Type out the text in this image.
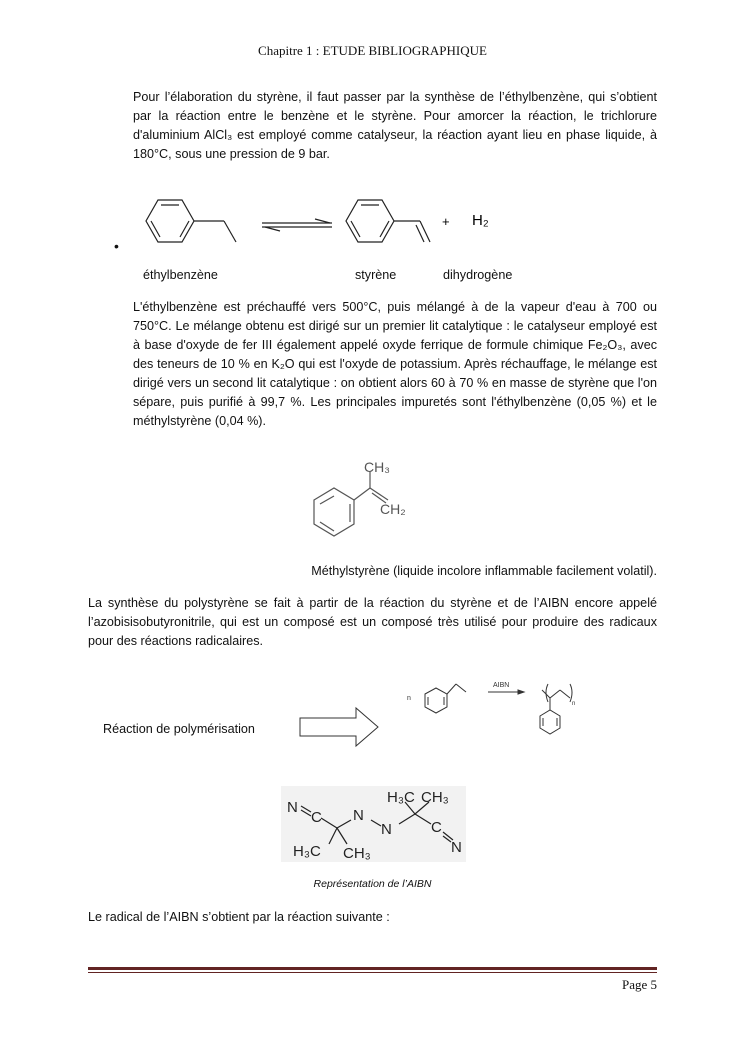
Chapitre 1 : ETUDE BIBLIOGRAPHIQUE
Pour l’élaboration du styrène, il faut passer par la synthèse de l’éthylbenzène, qui s’obtient par la réaction entre le benzène et le styrène. Pour amorcer la réaction, le trichlorure d'aluminium AlCl₃ est employé comme catalyseur, la réaction ayant lieu en phase liquide, à 180°C, sous une pression de 9 bar.
•
+ H₂
éthylbenzène	styrène	dihydrogène
L'éthylbenzène est préchauffé vers 500°C, puis mélangé à de la vapeur d'eau à 700 ou 750°C. Le mélange obtenu est dirigé sur un premier lit catalytique : le catalyseur employé est à base d'oxyde de fer III également appelé oxyde ferrique de formule chimique Fe₂O₃, avec des teneurs de 10 % en K₂O qui est l'oxyde de potassium. Après réchauffage, le mélange est dirigé vers un second lit catalytique : on obtient alors 60 à 70 % en masse de styrène que l'on sépare, puis purifié à 99,7 %. Les principales impuretés sont l'éthylbenzène (0,05 %) et le méthylstyrène (0,04 %).
CH₃
CH₂
Méthylstyrène (liquide incolore inflammable facilement volatil).
La synthèse du polystyrène se fait à partir de la réaction du styrène et de l’AIBN encore appelé l’azobisisobutyronitrile, qui est un composé est un composé très utilisé pour produire des radicaux pour des réactions radicalaires.
Réaction de polymérisation
n
AIBN
n
N
C N
N	C
N
H₃C CH₃
H₃C CH₃
Représentation de l’AIBN
Le radical de l’AIBN s’obtient par la réaction suivante :
Page 5
